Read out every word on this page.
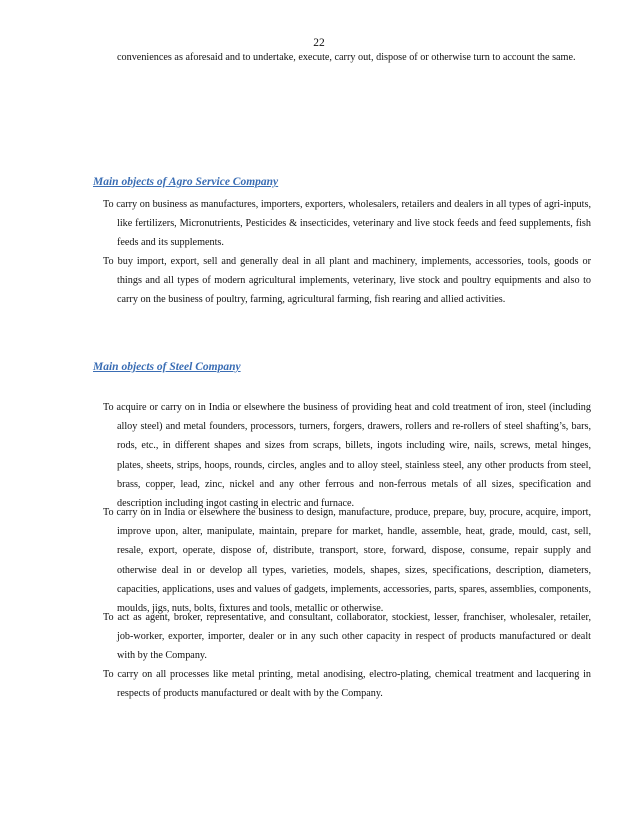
22

conveniences as aforesaid and to undertake, execute, carry out, dispose of or otherwise turn to account the same.

Main objects of Agro Service Company

To carry on business as manufactures, importers, exporters, wholesalers, retailers and dealers in all types of agri-inputs, like fertilizers, Micronutrients, Pesticides & insecticides, veterinary and live stock feeds and feed supplements, fish feeds and its supplements.

To buy import, export, sell and generally deal in all plant and machinery, implements, accessories, tools, goods or things and all types of modern agricultural implements, veterinary, live stock and poultry equipments and also to carry on the business of poultry, farming, agricultural farming, fish rearing and allied activities.

Main objects of Steel Company

To acquire or carry on in India or elsewhere the business of providing heat and cold treatment of iron, steel (including alloy steel) and metal founders, processors, turners, forgers, drawers, rollers and re-rollers of steel shafting’s, bars, rods, etc., in different shapes and sizes from scraps, billets, ingots including wire, nails, screws, metal hinges, plates, sheets, strips, hoops, rounds, circles, angles and to alloy steel, stainless steel, any other products from steel, brass, copper, lead, zinc, nickel and any other ferrous and non-ferrous metals of all sizes, specification and description including ingot casting in electric and furnace.

To carry on in India or elsewhere the business to design, manufacture, produce, prepare, buy, procure, acquire, import, improve upon, alter, manipulate, maintain, prepare for market, handle, assemble, heat, grade, mould, cast, sell, resale, export, operate, dispose of, distribute, transport, store, forward, dispose, consume, repair supply and otherwise deal in or develop all types, varieties, models, shapes, sizes, specifications, description, diameters, capacities, applications, uses and values of gadgets, implements, accessories, parts, spares, assemblies, components, moulds, jigs, nuts, bolts, fixtures and tools, metallic or otherwise.

To act as agent, broker, representative, and consultant, collaborator, stockiest, lesser, franchiser, wholesaler, retailer, job-worker, exporter, importer, dealer or in any such other capacity in respect of products manufactured or dealt with by the Company.

To carry on all processes like metal printing, metal anodising, electro-plating, chemical treatment and lacquering in respects of products manufactured or dealt with by the Company.
